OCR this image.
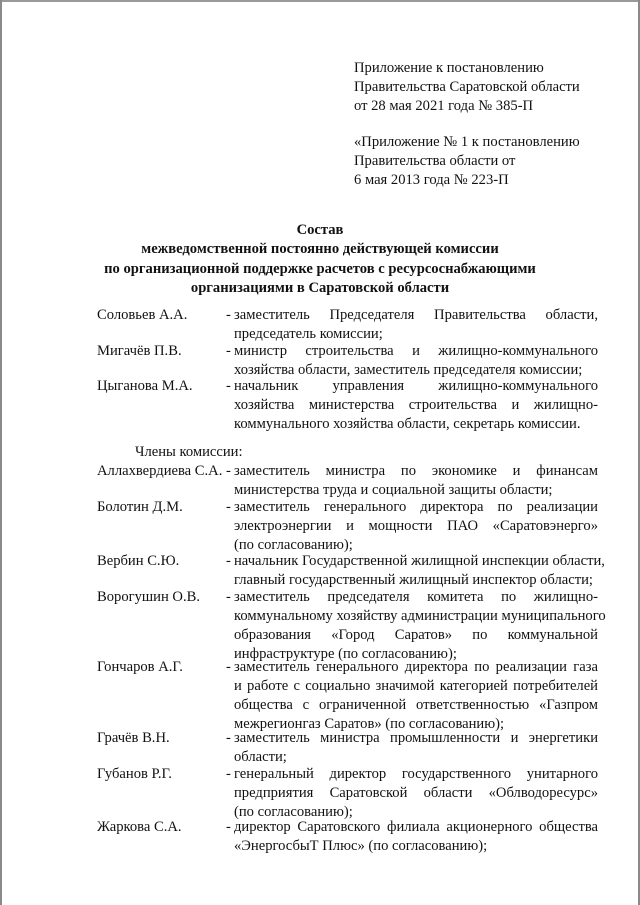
Приложение к постановлению
Правительства Саратовской области
от 28 мая 2021 года № 385-П
«Приложение № 1 к постановлению
Правительства области от
6 мая 2013 года № 223-П
Состав
межведомственной постоянно действующей комиссии
по организационной поддержке расчетов с ресурсоснабжающими
организациями в Саратовской области
Соловьев А.А.	- заместитель Председателя Правительства области,
председатель комиссии;
Мигачёв П.В.	- министр строительства и жилищно-коммунального
хозяйства области, заместитель председателя комиссии;
Цыганова М.А. - начальник управления жилищно-коммунального
хозяйства министерства строительства и жилищно-
коммунального хозяйства области, секретарь комиссии.
Члены комиссии:
Аллахвердиева С.А. - заместитель министра по экономике и финансам
министерства труда и социальной защиты области;
Болотин Д.М.	- заместитель генерального директора по реализации
электроэнергии и мощности ПАО «Саратовэнерго»
(по согласованию);
Вербин С.Ю.	- начальник Государственной жилищной инспекции области,
главный государственный жилищный инспектор области;
Ворогушин О.В. - заместитель председателя комитета по жилищно-
коммунальному хозяйству администрации муниципального
образования «Город Саратов» по коммунальной
инфраструктуре (по согласованию);
Гончаров А.Г.	- заместитель генерального директора по реализации газа
и работе с социально значимой категорией потребителей
общества с ограниченной ответственностью «Газпром
межрегионгаз Саратов» (по согласованию);
Грачёв В.Н.	- заместитель министра промышленности и энергетики
области;
Губанов Р.Г.	- генеральный директор государственного унитарного
предприятия Саратовской области «Облводоресурс»
(по согласованию);
Жаркова С.А.	- директор Саратовского филиала акционерного общества
«ЭнергосбыТ Плюс» (по согласованию);
